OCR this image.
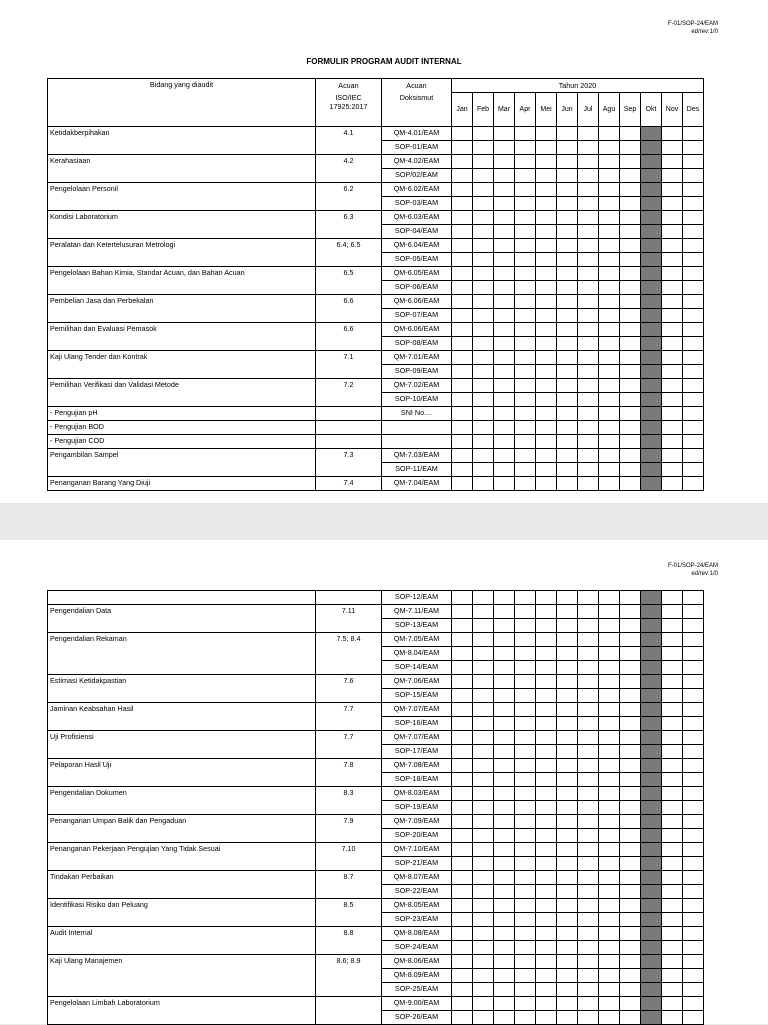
F-01/SOP-24/EAM
ed/rev:1/0
FORMULIR PROGRAM AUDIT INTERNAL
Bidang yang diaudit	Acuan	Acuan	Tahun 2020											
	ISO/IEC 17925:2017	Doksismut	Jan	Feb	Mar	Apr	Mei	Jun	Jul	Agu	Sep	Okt	Nov	Des
Ketidakberpihakan	4.1	QM-4.01/EAM												
		SOP-01/EAM												
Kerahasiaan	4.2	QM-4.02/EAM												
		SOP/02/EAM												
Pengelolaan Personil	6.2	QM-6.02/EAM												
		SOP-03/EAM												
Kondisi Laboratorium	6.3	QM-6.03/EAM												
		SOP-04/EAM												
Peralatan dan Ketertelusuran Metrologi	6.4; 6.5	QM-6.04/EAM												
		SOP-05/EAM												
Pengelolaan Bahan Kimia, Standar Acuan, dan Bahan Acuan	6.5	QM-6.05/EAM												
		SOP-06/EAM												
Pembelian Jasa dan Perbekalan	6.6	QM-6.06/EAM												
		SOP-07/EAM												
Pemilihan dan Evaluasi Pemasok	6.6	QM-6.06/EAM												
		SOP-08/EAM												
Kaji Ulang Tender dan Kontrak	7.1	QM-7.01/EAM												
		SOP-09/EAM												
Pemilihan Verifikasi dan Validasi Metode	7.2	QM-7.02/EAM												
		SOP-10/EAM												
- Pengujian pH		SNI No....												
- Pengujian BOD														
- Pengujian COD														
Pengambilan Sampel	7.3	QM-7.03/EAM												
		SOP-11/EAM												
Penanganan Barang Yang Diuji	7.4	QM-7.04/EAM												
F-01/SOP-24/EAM
ed/rev:1/0
		SOP-12/EAM												
Pengendalian Data	7.11	QM-7.11/EAM												
		SOP-13/EAM												
Pengendalian Rekaman	7.5; 8.4	QM-7.05/EAM												
		QM-8.04/EAM												
		SOP-14/EAM												
Estimasi Ketidakpastian	7.6	QM-7.06/EAM												
		SOP-15/EAM												
Jaminan Keabsahan Hasil	7.7	QM-7.07/EAM												
		SOP-16/EAM												
Uji Profisiensi	7.7	QM-7.07/EAM												
		SOP-17/EAM												
Pelaporan Hasil Uji	7.8	QM-7.08/EAM												
		SOP-18/EAM												
Pengendalian Dokumen	8.3	QM-8.03/EAM												
		SOP-19/EAM												
Penanganan Umpan Balik dan Pengaduan	7.9	QM-7.09/EAM												
		SOP-20/EAM												
Penanganan Pekerjaan Pengujian Yang Tidak Sesuai	7.10	QM-7.10/EAM												
		SOP-21/EAM												
Tindakan Perbaikan	8.7	QM-8.07/EAM												
		SOP-22/EAM												
Identifikasi Risiko dan Peluang	8.5	QM-8.05/EAM												
		SOP-23/EAM												
Audit Internal	8.8	QM-8.08/EAM												
		SOP-24/EAM												
Kaji Ulang Manajemen	8.6; 8.9	QM-8.06/EAM												
		QM-8.09/EAM												
		SOP-25/EAM												
Pengelolaan Limbah Laboratorium		QM-9.00/EAM												
		SOP-26/EAM												
